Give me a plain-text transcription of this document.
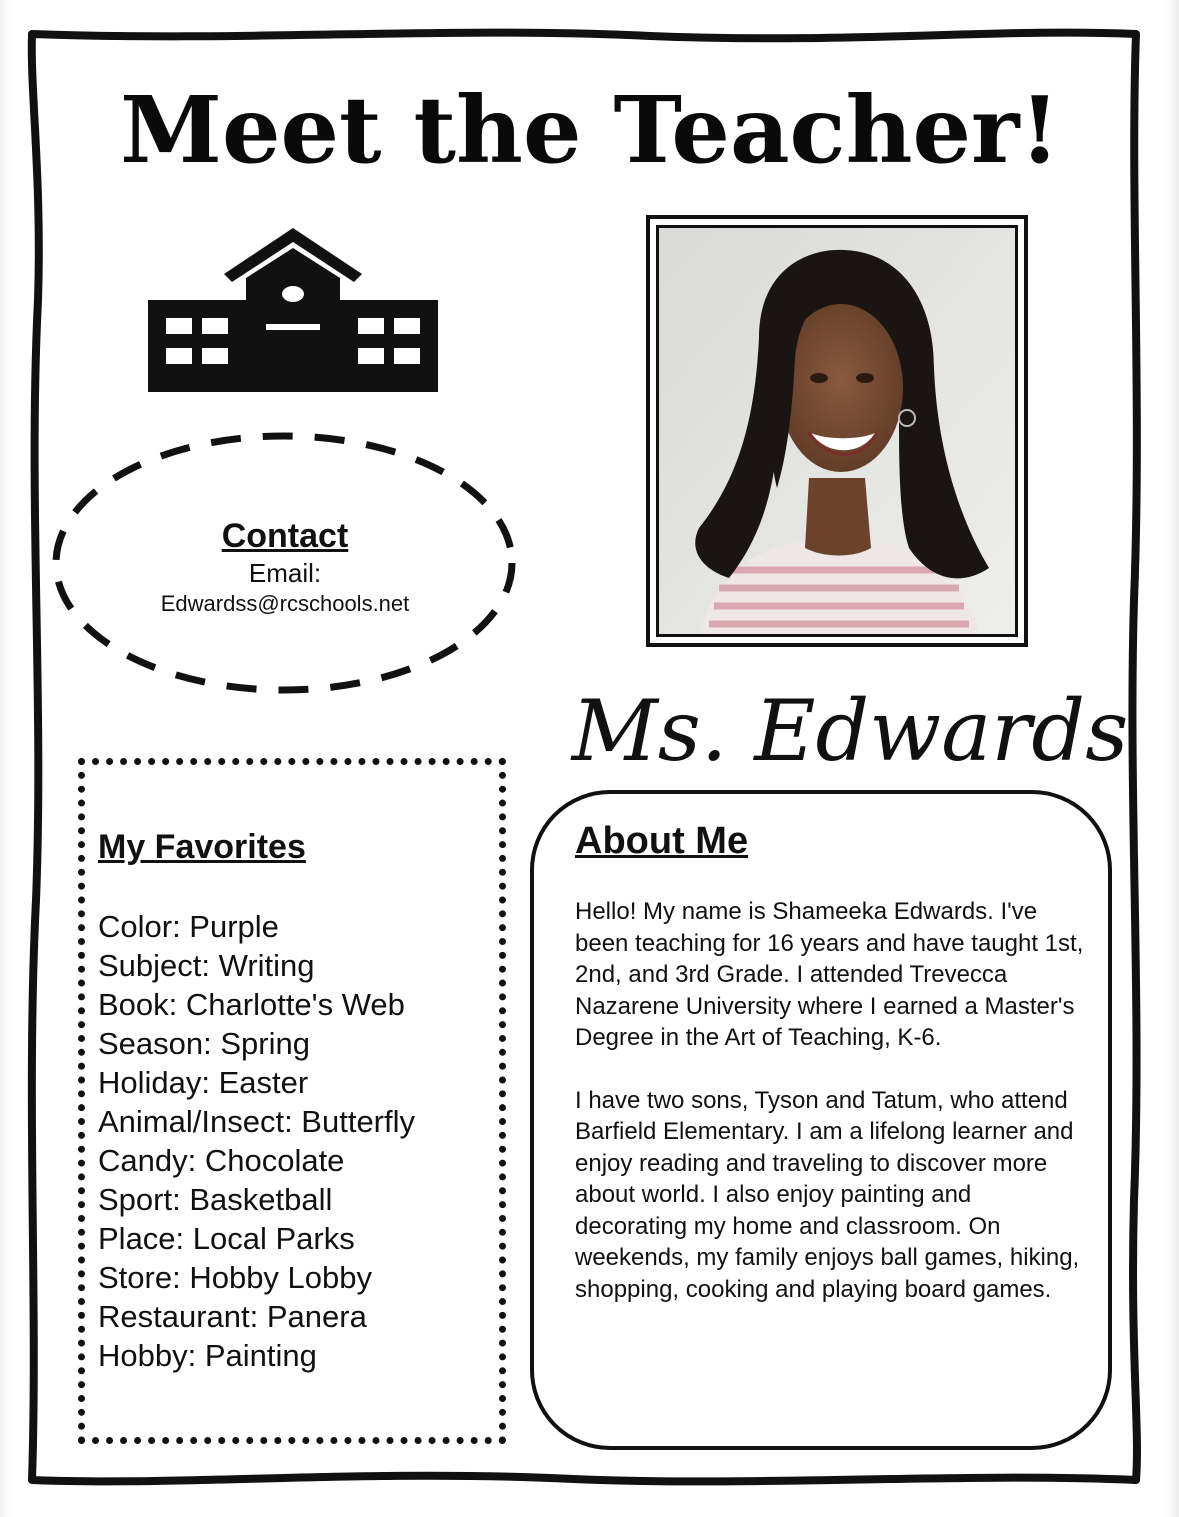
Meet the Teacher!
Contact
Email:
Edwardss@rcschools.net
Ms. Edwards
My Favorites
Color: Purple
Subject: Writing
Book: Charlotte's Web
Season: Spring
Holiday: Easter
Animal/Insect: Butterfly
Candy: Chocolate
Sport: Basketball
Place: Local Parks
Store: Hobby Lobby
Restaurant: Panera
Hobby: Painting
About Me

Hello! My name is Shameeka Edwards. I've been teaching for 16 years and have taught 1st, 2nd, and 3rd Grade. I attended Trevecca Nazarene University where I earned a Master's Degree in the Art of Teaching, K-6.

I have two sons, Tyson and Tatum, who attend Barfield Elementary. I am a lifelong learner and enjoy reading and traveling to discover more about world. I also enjoy painting and decorating my home and classroom. On weekends, my family enjoys ball games, hiking, shopping, cooking and playing board games.
